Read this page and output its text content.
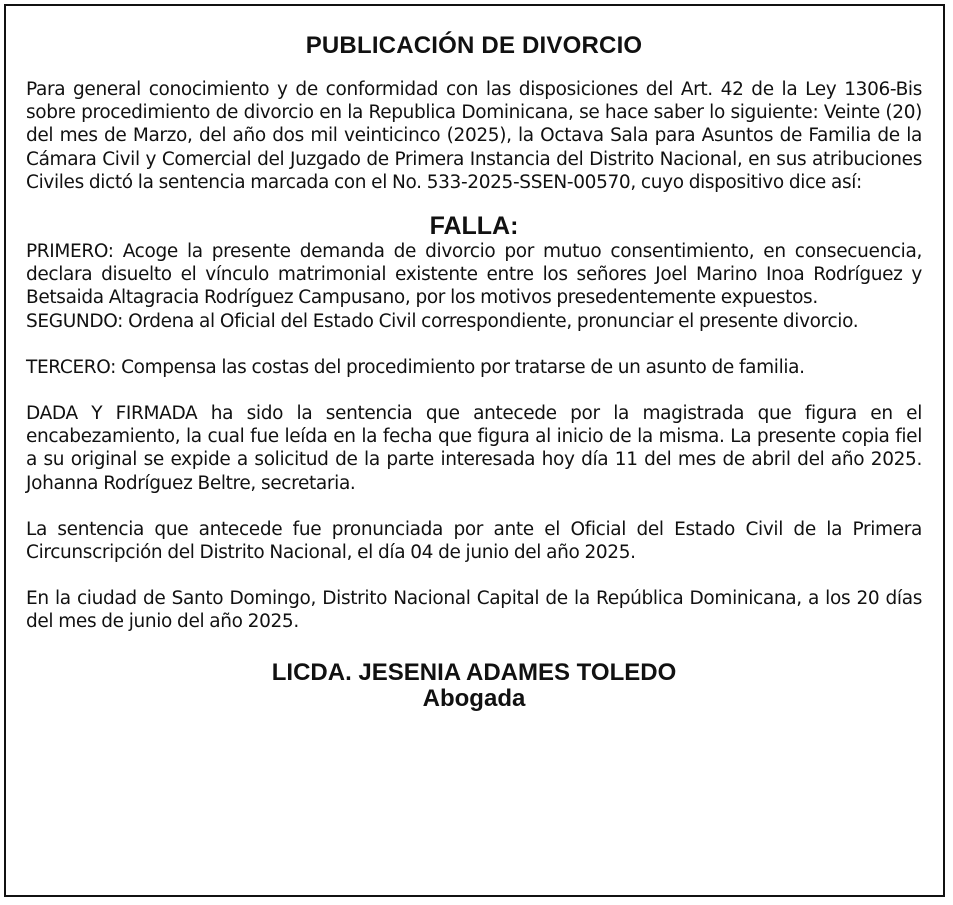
PUBLICACIÓN DE DIVORCIO

Para general conocimiento y de conformidad con las disposiciones del Art. 42 de la Ley 1306-Bis sobre procedimiento de divorcio en la Republica Dominicana, se hace saber lo siguiente: Veinte (20) del mes de Marzo, del año dos mil veinticinco (2025), la Octava Sala para Asuntos de Familia de la Cámara Civil y Comercial del Juzgado de Primera Instancia del Distrito Nacional, en sus atribuciones Civiles dictó la sentencia marcada con el No. 533-2025-SSEN-00570, cuyo dispositivo dice así:

FALLA:

PRIMERO: Acoge la presente demanda de divorcio por mutuo consentimiento, en consecuencia, declara disuelto el vínculo matrimonial existente entre los señores Joel Marino Inoa Rodríguez y Betsaida Altagracia Rodríguez Campusano, por los motivos presedentemente expuestos.

SEGUNDO: Ordena al Oficial del Estado Civil correspondiente, pronunciar el presente divorcio.

TERCERO: Compensa las costas del procedimiento por tratarse de un asunto de familia.

DADA Y FIRMADA ha sido la sentencia que antecede por la magistrada que figura en el encabezamiento, la cual fue leída en la fecha que figura al inicio de la misma. La presente copia fiel a su original se expide a solicitud de la parte interesada hoy día 11 del mes de abril del año 2025. Johanna Rodríguez Beltre, secretaria.

La sentencia que antecede fue pronunciada por ante el Oficial del Estado Civil de la Primera Circunscripción del Distrito Nacional, el día 04 de junio del año 2025.

En la ciudad de Santo Domingo, Distrito Nacional Capital de la República Dominicana, a los 20 días del mes de junio del año 2025.

LICDA. JESENIA ADAMES TOLEDO
Abogada
